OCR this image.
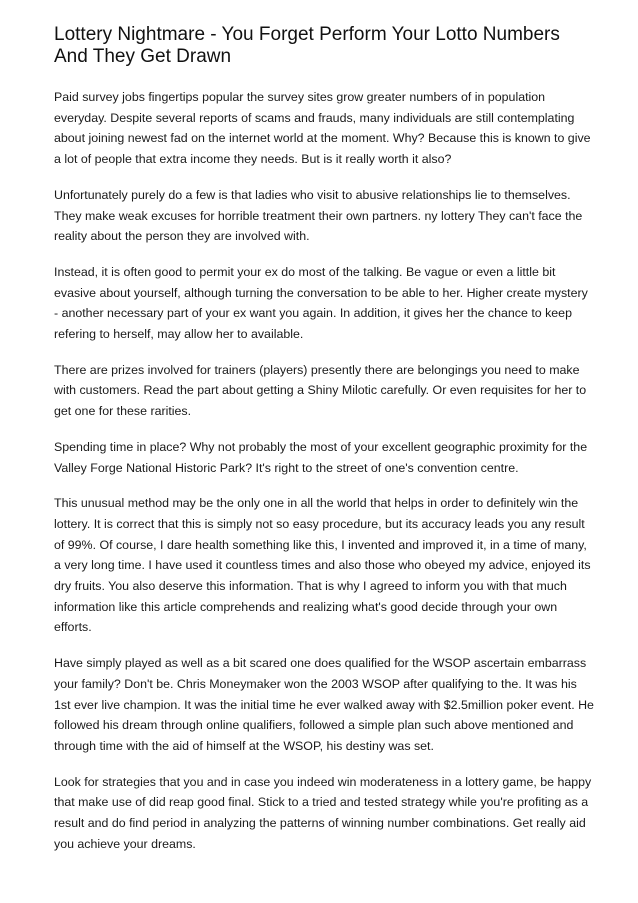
Lottery Nightmare - You Forget Perform Your Lotto Numbers And They Get Drawn

Paid survey jobs fingertips popular the survey sites grow greater numbers of in population everyday. Despite several reports of scams and frauds, many individuals are still contemplating about joining newest fad on the internet world at the moment. Why? Because this is known to give a lot of people that extra income they needs. But is it really worth it also?

Unfortunately purely do a few is that ladies who visit to abusive relationships lie to themselves. They make weak excuses for horrible treatment their own partners. ny lottery They can't face the reality about the person they are involved with.

Instead, it is often good to permit your ex do most of the talking. Be vague or even a little bit evasive about yourself, although turning the conversation to be able to her. Higher create mystery - another necessary part of your ex want you again. In addition, it gives her the chance to keep refering to herself, may allow her to available.

There are prizes involved for trainers (players) presently there are belongings you need to make with customers. Read the part about getting a Shiny Milotic carefully. Or even requisites for her to get one for these rarities.

Spending time in place? Why not probably the most of your excellent geographic proximity for the Valley Forge National Historic Park? It's right to the street of one's convention centre.

This unusual method may be the only one in all the world that helps in order to definitely win the lottery. It is correct that this is simply not so easy procedure, but its accuracy leads you any result of 99%. Of course, I dare health something like this, I invented and improved it, in a time of many, a very long time. I have used it countless times and also those who obeyed my advice, enjoyed its dry fruits. You also deserve this information. That is why I agreed to inform you with that much information like this article comprehends and realizing what's good decide through your own efforts.

Have simply played as well as a bit scared one does qualified for the WSOP ascertain embarrass your family? Don't be. Chris Moneymaker won the 2003 WSOP after qualifying to the. It was his 1st ever live champion. It was the initial time he ever walked away with $2.5million poker event. He followed his dream through online qualifiers, followed a simple plan such above mentioned and through time with the aid of himself at the WSOP, his destiny was set.

Look for strategies that you and in case you indeed win moderateness in a lottery game, be happy that make use of did reap good final. Stick to a tried and tested strategy while you're profiting as a result and do find period in analyzing the patterns of winning number combinations. Get really aid you achieve your dreams.
